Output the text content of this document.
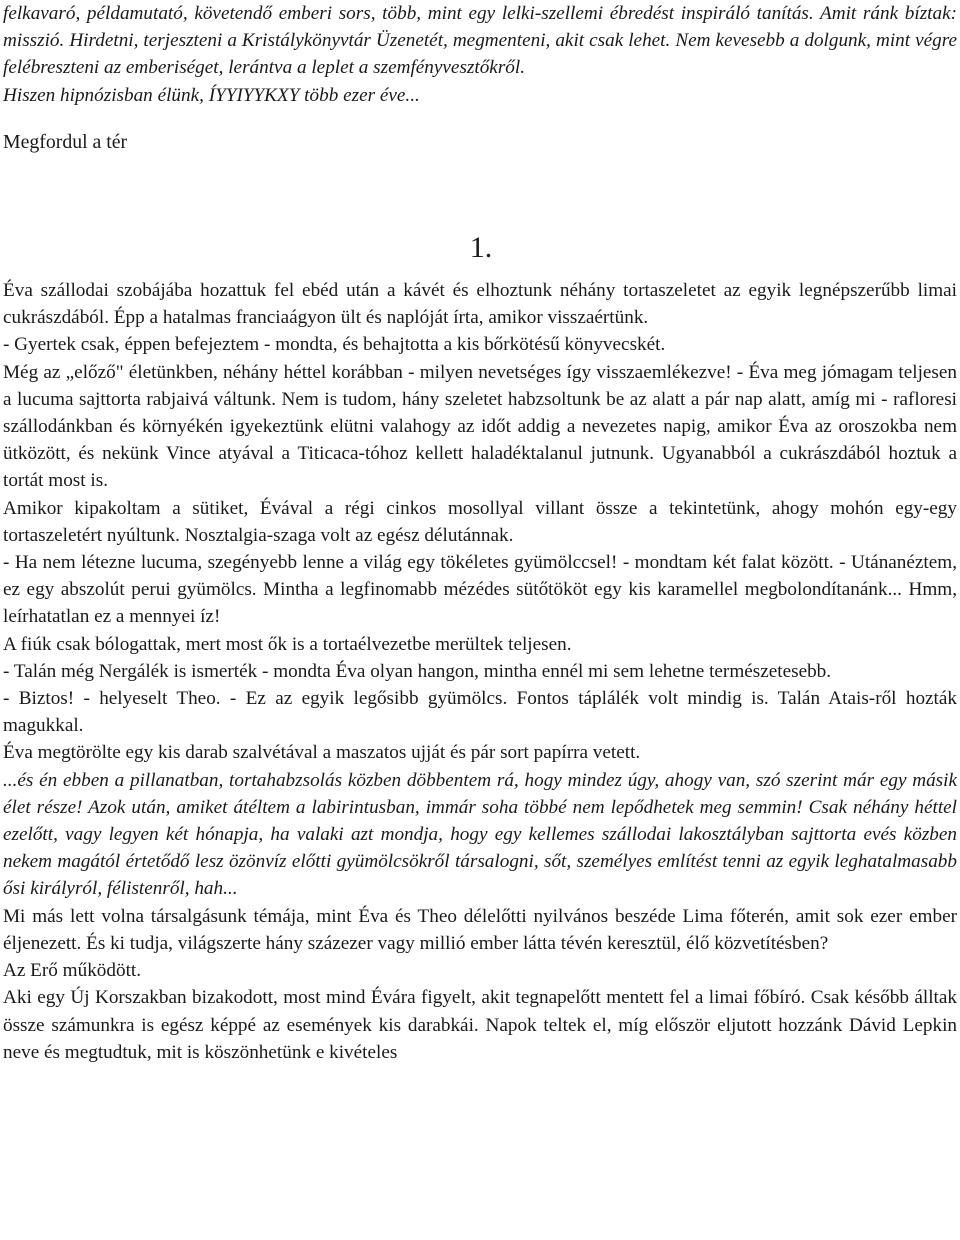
felkavaró, példamutató, követendő emberi sors, több, mint egy lelki-szellemi ébredést inspiráló tanítás. Amit ránk bíztak: misszió. Hirdetni, terjeszteni a Kristálykönyvtár Üzenetét, megmenteni, akit csak lehet. Nem kevesebb a dolgunk, mint végre felébreszteni az emberiséget, lerántva a leplet a szemfényvesztőkről.

Hiszen hipnózisban élünk, ÍYYIYYKXY több ezer éve...

Megfordul a tér

1.

Éva szállodai szobájába hozattuk fel ebéd után a kávét és elhoztunk néhány tortaszeletet az egyik legnépszerűbb limai cukrászdából. Épp a hatalmas franciaágyon ült és naplóját írta, amikor visszaértünk.

- Gyertek csak, éppen befejeztem - mondta, és behajtotta a kis bőrkötésű könyvecskét.

Még az „előző" életünkben, néhány héttel korábban - milyen nevetséges így visszaemlékezve! - Éva meg jómagam teljesen a lucuma sajttorta rabjaivá váltunk. Nem is tudom, hány szeletet habzsoltunk be az alatt a pár nap alatt, amíg mi - rafloresi szállodánkban és környékén igyekeztünk elütni valahogy az időt addig a nevezetes napig, amikor Éva az oroszokba nem ütközött, és nekünk Vince atyával a Titicaca-tóhoz kellett haladéktalanul jutnunk. Ugyanabból a cukrászdából hoztuk a tortát most is.

Amikor kipakoltam a sütiket, Évával a régi cinkos mosollyal villant össze a tekintetünk, ahogy mohón egy-egy tortaszeletért nyúltunk. Nosztalgia-szaga volt az egész délutánnak.

- Ha nem létezne lucuma, szegényebb lenne a világ egy tökéletes gyümölccsel! - mondtam két falat között. - Utánanéztem, ez egy abszolút perui gyümölcs. Mintha a legfinomabb mézédes sütőtököt egy kis karamellel megbolondítanánk... Hmm, leírhatatlan ez a mennyei íz!

A fiúk csak bólogattak, mert most ők is a tortaélvezetbe merültek teljesen.

- Talán még Nergálék is ismerték - mondta Éva olyan hangon, mintha ennél mi sem lehetne természetesebb.

- Biztos! - helyeselt Theo. - Ez az egyik legősibb gyümölcs. Fontos táplálék volt mindig is. Talán Atais-ről hozták magukkal.

Éva megtörölte egy kis darab szalvétával a maszatos ujját és pár sort papírra vetett.

...és én ebben a pillanatban, tortahabzsolás közben döbbentem rá, hogy mindez úgy, ahogy van, szó szerint már egy másik élet része! Azok után, amiket átéltem a labirintusban, immár soha többé nem lepődhetek meg semmin! Csak néhány héttel ezelőtt, vagy legyen két hónapja, ha valaki azt mondja, hogy egy kellemes szállodai lakosztályban sajttorta evés közben nekem magától értetődő lesz özönvíz előtti gyümölcsökről társalogni, sőt, személyes említést tenni az egyik leghatalmasabb ősi királyról, félistenről, hah...

Mi más lett volna társalgásunk témája, mint Éva és Theo délelőtti nyilvános beszéde Lima főterén, amit sok ezer ember éljenezett. És ki tudja, világszerte hány százezer vagy millió ember látta tévén keresztül, élő közvetítésben?

Az Erő működött.

Aki egy Új Korszakban bizakodott, most mind Évára figyelt, akit tegnapelőtt mentett fel a limai főbíró. Csak később álltak össze számunkra is egész képpé az események kis darabkái. Napok teltek el, míg először eljutott hozzánk Dávid Lepkin neve és megtudtuk, mit is köszönhetünk e kivételes
